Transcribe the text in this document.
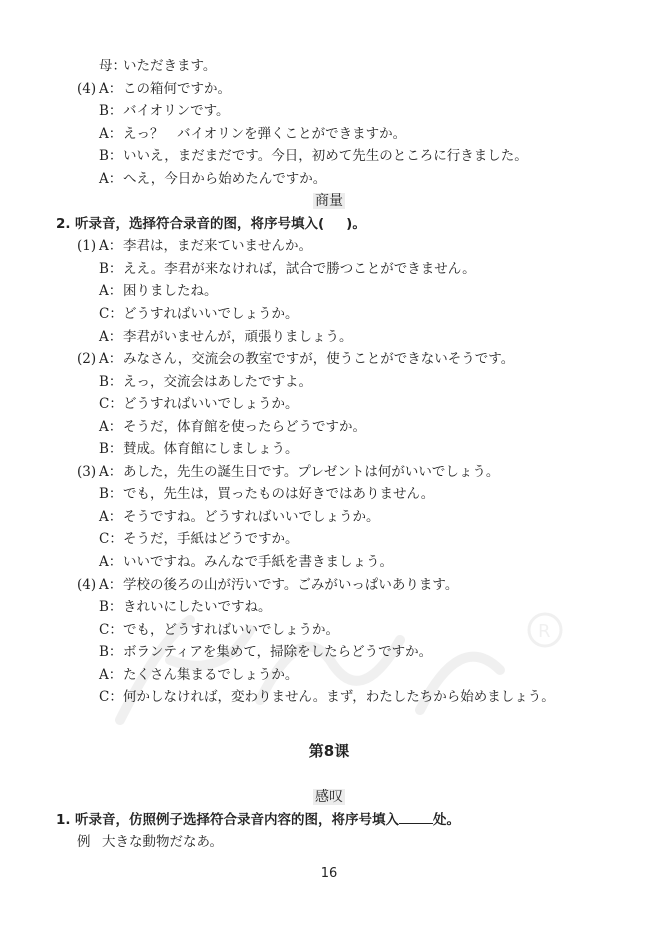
R
母：
いただきます。
(4) A： この箱何ですか。
B： バイオリンです。
A： えっ？　バイオリンを弾くことができますか。
B： いいえ，まだまだです。今日，初めて先生のところに行きました。
A： へえ，今日から始めたんですか。
商量
2. 听录音，选择符合录音的图，将序号填入( )。
(1) A： 李君は，まだ来ていませんか。
B： ええ。李君が来なければ，試合で勝つことができません。
A： 困りましたね。
C： どうすればいいでしょうか。
A： 李君がいませんが，頑張りましょう。
(2) A： みなさん，交流会の教室ですが，使うことができないそうです。
B： えっ，交流会はあしたですよ。
C： どうすればいいでしょうか。
A： そうだ，体育館を使ったらどうですか。
B： 賛成。体育館にしましょう。
(3) A： あした，先生の誕生日です。プレゼントは何がいいでしょう。
B： でも，先生は，買ったものは好きではありません。
A： そうですね。どうすればいいでしょうか。
C： そうだ，手紙はどうですか。
A： いいですね。みんなで手紙を書きましょう。
(4) A： 学校の後ろの山が汚いです。ごみがいっぱいあります。
B： きれいにしたいですね。
C： でも，どうすればいいでしょうか。
B： ボランティアを集めて，掃除をしたらどうですか。
A： たくさん集まるでしょうか。
C： 何かしなければ，変わりません。まず，わたしたちから始めましょう。
第8课
感叹
1. 听录音，仿照例子选择符合录音内容的图，将序号填入	处。
例 大きな動物だなあ。
16
